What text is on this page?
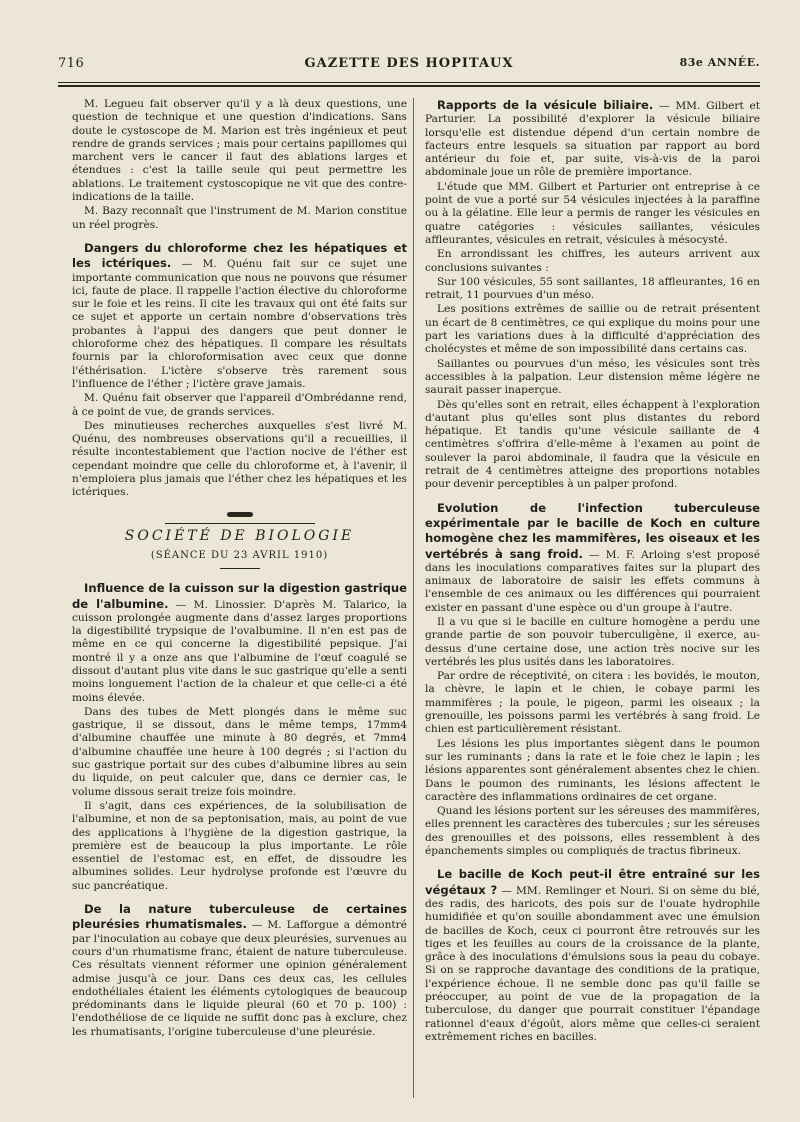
716	GAZETTE DES HOPITAUX	83e ANNÉE.

M. Legueu fait observer qu'il y a là deux questions, une question de technique et une question d'indications. Sans doute le cystoscope de M. Marion est très ingénieux et peut rendre de grands services ; mais pour certains papillomes qui marchent vers le cancer il faut des ablations larges et étendues : c'est la taille seule qui peut permettre les ablations. Le traitement cystoscopique ne vit que des contre-indications de la taille.

M. Bazy reconnaît que l'instrument de M. Marion constitue un réel progrès.

Dangers du chloroforme chez les hépatiques et les ictériques. — M. Quénu fait sur ce sujet une importante communication que nous ne pouvons que résumer ici, faute de place. Il rappelle l'action élective du chloroforme sur le foie et les reins. Il cite les travaux qui ont été faits sur ce sujet et apporte un certain nombre d'observations très probantes à l'appui des dangers que peut donner le chloroforme chez des hépatiques. Il compare les résultats fournis par la chloroformisation avec ceux que donne l'éthérisation. L'ictère s'observe très rarement sous l'influence de l'éther ; l'ictère grave jamais.

M. Quénu fait observer que l'appareil d'Ombrédanne rend, à ce point de vue, de grands services.

Des minutieuses recherches auxquelles s'est livré M. Quénu, des nombreuses observations qu'il a recueillies, il résulte incontestablement que l'action nocive de l'éther est cependant moindre que celle du chloroforme et, à l'avenir, il n'emploiera plus jamais que l'éther chez les hépatiques et les ictériques.

SOCIÉTÉ DE BIOLOGIE
(SÉANCE DU 23 AVRIL 1910)

Influence de la cuisson sur la digestion gastrique de l'albumine. — M. Linossier. D'après M. Talarico, la cuisson prolongée augmente dans d'assez larges proportions la digestibilité trypsique de l'ovalbumine. Il n'en est pas de même en ce qui concerne la digestibilité pepsique. J'ai montré il y a onze ans que l'albumine de l'œuf coagulé se dissout d'autant plus vite dans le suc gastrique qu'elle a senti moins longuement l'action de la chaleur et que celle-ci a été moins élevée.

Dans des tubes de Mett plongés dans le même suc gastrique, il se dissout, dans le même temps, 17mm4 d'albumine chauffée une minute à 80 degrés, et 7mm4 d'albumine chauffée une heure à 100 degrés ; si l'action du suc gastrique portait sur des cubes d'albumine libres au sein du liquide, on peut calculer que, dans ce dernier cas, le volume dissous serait treize fois moindre.

Il s'agit, dans ces expériences, de la solubilisation de l'albumine, et non de sa peptonisation, mais, au point de vue des applications à l'hygiène de la digestion gastrique, la première est de beaucoup la plus importante. Le rôle essentiel de l'estomac est, en effet, de dissoudre les albumines solides. Leur hydrolyse profonde est l'œuvre du suc pancréatique.

De la nature tuberculeuse de certaines pleurésies rhumatismales. — M. Lafforgue a démontré par l'inoculation au cobaye que deux pleurésies, survenues au cours d'un rhumatisme franc, étaient de nature tuberculeuse. Ces résultats viennent réformer une opinion généralement admise jusqu'à ce jour. Dans ces deux cas, les cellules endothéliales étaient les éléments cytologiques de beaucoup prédominants dans le liquide pleural (60 et 70 p. 100) : l'endothéliose de ce liquide ne suffit donc pas à exclure, chez les rhumatisants, l'origine tuberculeuse d'une pleurésie.

Rapports de la vésicule biliaire. — MM. Gilbert et Parturier. La possibilité d'explorer la vésicule biliaire lorsqu'elle est distendue dépend d'un certain nombre de facteurs entre lesquels sa situation par rapport au bord antérieur du foie et, par suite, vis-à-vis de la paroi abdominale joue un rôle de première importance.

L'étude que MM. Gilbert et Parturier ont entreprise à ce point de vue a porté sur 54 vésicules injectées à la paraffine ou à la gélatine. Elle leur a permis de ranger les vésicules en quatre catégories : vésicules saillantes, vésicules affleurantes, vésicules en retrait, vésicules à mésocysté.

En arrondissant les chiffres, les auteurs arrivent aux conclusions suivantes :

Sur 100 vésicules, 55 sont saillantes, 18 affleurantes, 16 en retrait, 11 pourvues d'un méso.

Les positions extrêmes de saillie ou de retrait présentent un écart de 8 centimètres, ce qui explique du moins pour une part les variations dues à la difficulté d'appréciation des cholécystes et même de son impossibilité dans certains cas.

Saillantes ou pourvues d'un méso, les vésicules sont très accessibles à la palpation. Leur distension même légère ne saurait passer inaperçue.

Dès qu'elles sont en retrait, elles échappent à l'exploration d'autant plus qu'elles sont plus distantes du rebord hépatique. Et tandis qu'une vésicule saillante de 4 centimètres s'offrira d'elle-même à l'examen au point de soulever la paroi abdominale, il faudra que la vésicule en retrait de 4 centimètres atteigne des proportions notables pour devenir perceptibles à un palper profond.

Evolution de l'infection tuberculeuse expérimentale par le bacille de Koch en culture homogène chez les mammifères, les oiseaux et les vertébrés à sang froid. — M. F. Arloing s'est proposé dans les inoculations comparatives faites sur la plupart des animaux de laboratoire de saisir les effets communs à l'ensemble de ces animaux ou les différences qui pourraient exister en passant d'une espèce ou d'un groupe à l'autre.

Il a vu que si le bacille en culture homogène a perdu une grande partie de son pouvoir tuberculigène, il exerce, au-dessus d'une certaine dose, une action très nocive sur les vertébrés les plus usités dans les laboratoires.

Par ordre de réceptivité, on citera : les bovidés, le mouton, la chèvre, le lapin et le chien, le cobaye parmi les mammifères ; la poule, le pigeon, parmi les oiseaux ; la grenouille, les poissons parmi les vertébrés à sang froid. Le chien est particulièrement résistant.

Les lésions les plus importantes siègent dans le poumon sur les ruminants ; dans la rate et le foie chez le lapin ; les lésions apparentes sont généralement absentes chez le chien. Dans le poumon des ruminants, les lésions affectent le caractère des inflammations ordinaires de cet organe.

Quand les lésions portent sur les séreuses des mammifères, elles prennent les caractères des tubercules ; sur les séreuses des grenouilles et des poissons, elles ressemblent à des épanchements simples ou compliqués de tractus fibrineux.

Le bacille de Koch peut-il être entraîné sur les végétaux ? — MM. Remlinger et Nouri. Si on sème du blé, des radis, des haricots, des pois sur de l'ouate hydrophile humidifiée et qu'on souille abondamment avec une émulsion de bacilles de Koch, ceux ci pourront être retrouvés sur les tiges et les feuilles au cours de la croissance de la plante, grâce à des inoculations d'émulsions sous la peau du cobaye. Si on se rapproche davantage des conditions de la pratique, l'expérience échoue. Il ne semble donc pas qu'il faille se préoccuper, au point de vue de la propagation de la tuberculose, du danger que pourrait constituer l'épandage rationnel d'eaux d'égoût, alors même que celles-ci seraient extrêmement riches en bacilles.
